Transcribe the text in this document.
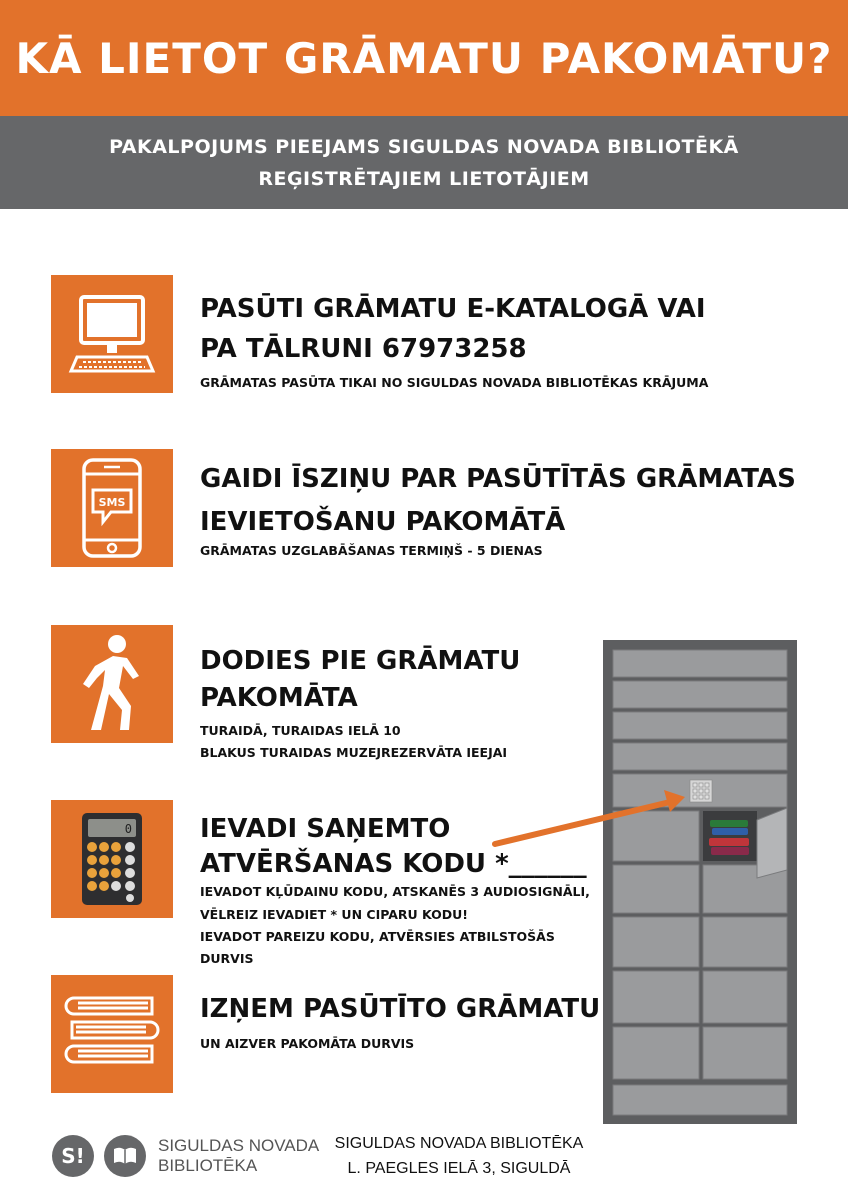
KĀ LIETOT GRĀMATU PAKOMĀTU?
PAKALPOJUMS PIEEJAMS SIGULDAS NOVADA BIBLIOTĒKĀ
REĢISTRĒTAJIEM LIETOTĀJIEM
PASŪTI GRĀMATU E-KATALOGĀ VAI
PA TĀLRUNI 67973258
GRĀMATAS PASŪTA TIKAI NO SIGULDAS NOVADA BIBLIOTĒKAS KRĀJUMA
SMS
GAIDI ĪSZIŅU PAR PASŪTĪTĀS GRĀMATAS
IEVIETOŠANU PAKOMĀTĀ
GRĀMATAS UZGLABĀŠANAS TERMIŅŠ - 5 DIENAS
DODIES PIE GRĀMATU
PAKOMĀTA
TURAIDĀ, TURAIDAS IELĀ 10
BLAKUS TURAIDAS MUZEJREZERVĀTA IEEJAI
0	IEVADI SAŅEMTO
ATVĒRŠANAS KODU *______
IEVADOT KĻŪDAINU KODU, ATSKANĒS 3 AUDIOSIGNĀLI,
VĒLREIZ IEVADIET * UN CIPARU KODU!
IEVADOT PAREIZU KODU, ATVĒRSIES ATBILSTOŠĀS
DURVIS
IZŅEM PASŪTĪTO GRĀMATU
UN AIZVER PAKOMĀTA DURVIS
S!	SIGULDAS NOVADA
BIBLIOTĒKA
SIGULDAS NOVADA BIBLIOTĒKA
L. PAEGLES IELĀ 3, SIGULDĀ
